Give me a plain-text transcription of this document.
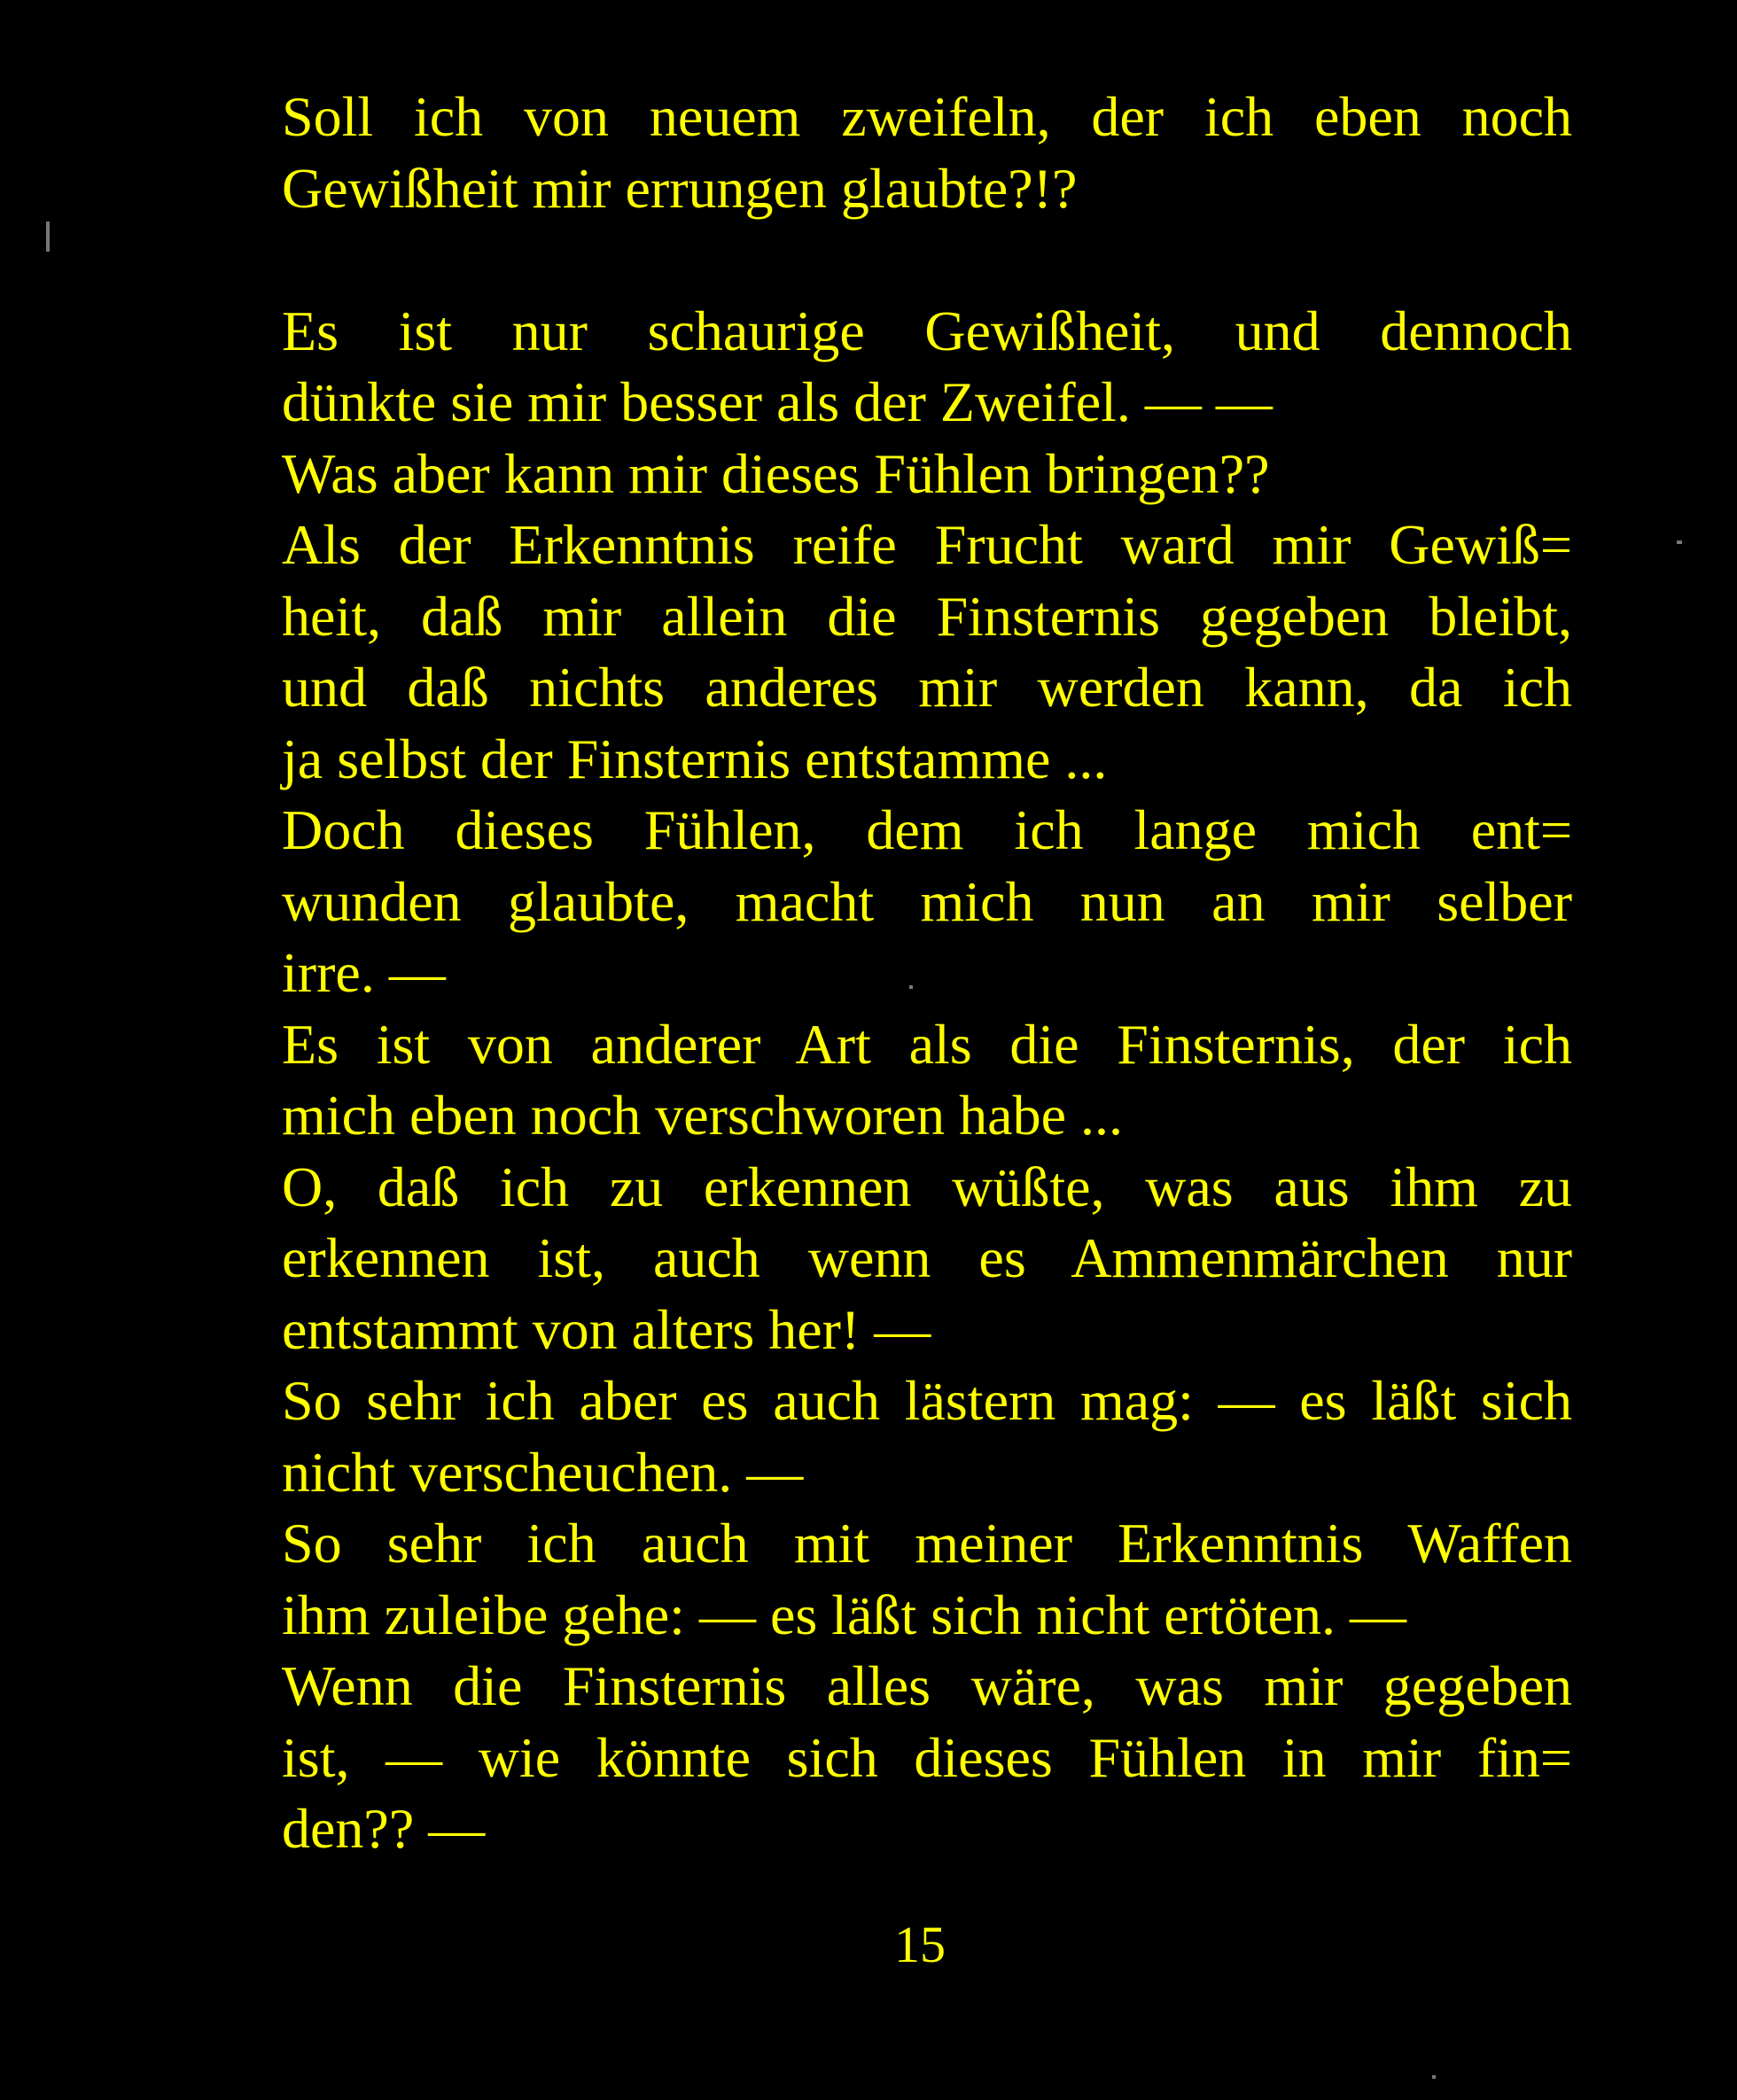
Soll ich von neuem zweifeln, der ich eben noch
Gewißheit mir errungen glaubte?!?
Es ist nur schaurige Gewißheit, und dennoch
dünkte sie mir besser als der Zweifel. — —
Was aber kann mir dieses Fühlen bringen??
Als der Erkenntnis reife Frucht ward mir Gewiß=
heit, daß mir allein die Finsternis gegeben bleibt,
und daß nichts anderes mir werden kann, da ich
ja selbst der Finsternis entstamme ...
Doch dieses Fühlen, dem ich lange mich ent=
wunden glaubte, macht mich nun an mir selber
irre. —
Es ist von anderer Art als die Finsternis, der ich
mich eben noch verschworen habe ...
O, daß ich zu erkennen wüßte, was aus ihm zu
erkennen ist, auch wenn es Ammenmärchen nur
entstammt von alters her! —
So sehr ich aber es auch lästern mag: — es läßt sich
nicht verscheuchen. —
So sehr ich auch mit meiner Erkenntnis Waffen
ihm zuleibe gehe: — es läßt sich nicht ertöten. —
Wenn die Finsternis alles wäre, was mir gegeben
ist, — wie könnte sich dieses Fühlen in mir fin=
den?? —
15
